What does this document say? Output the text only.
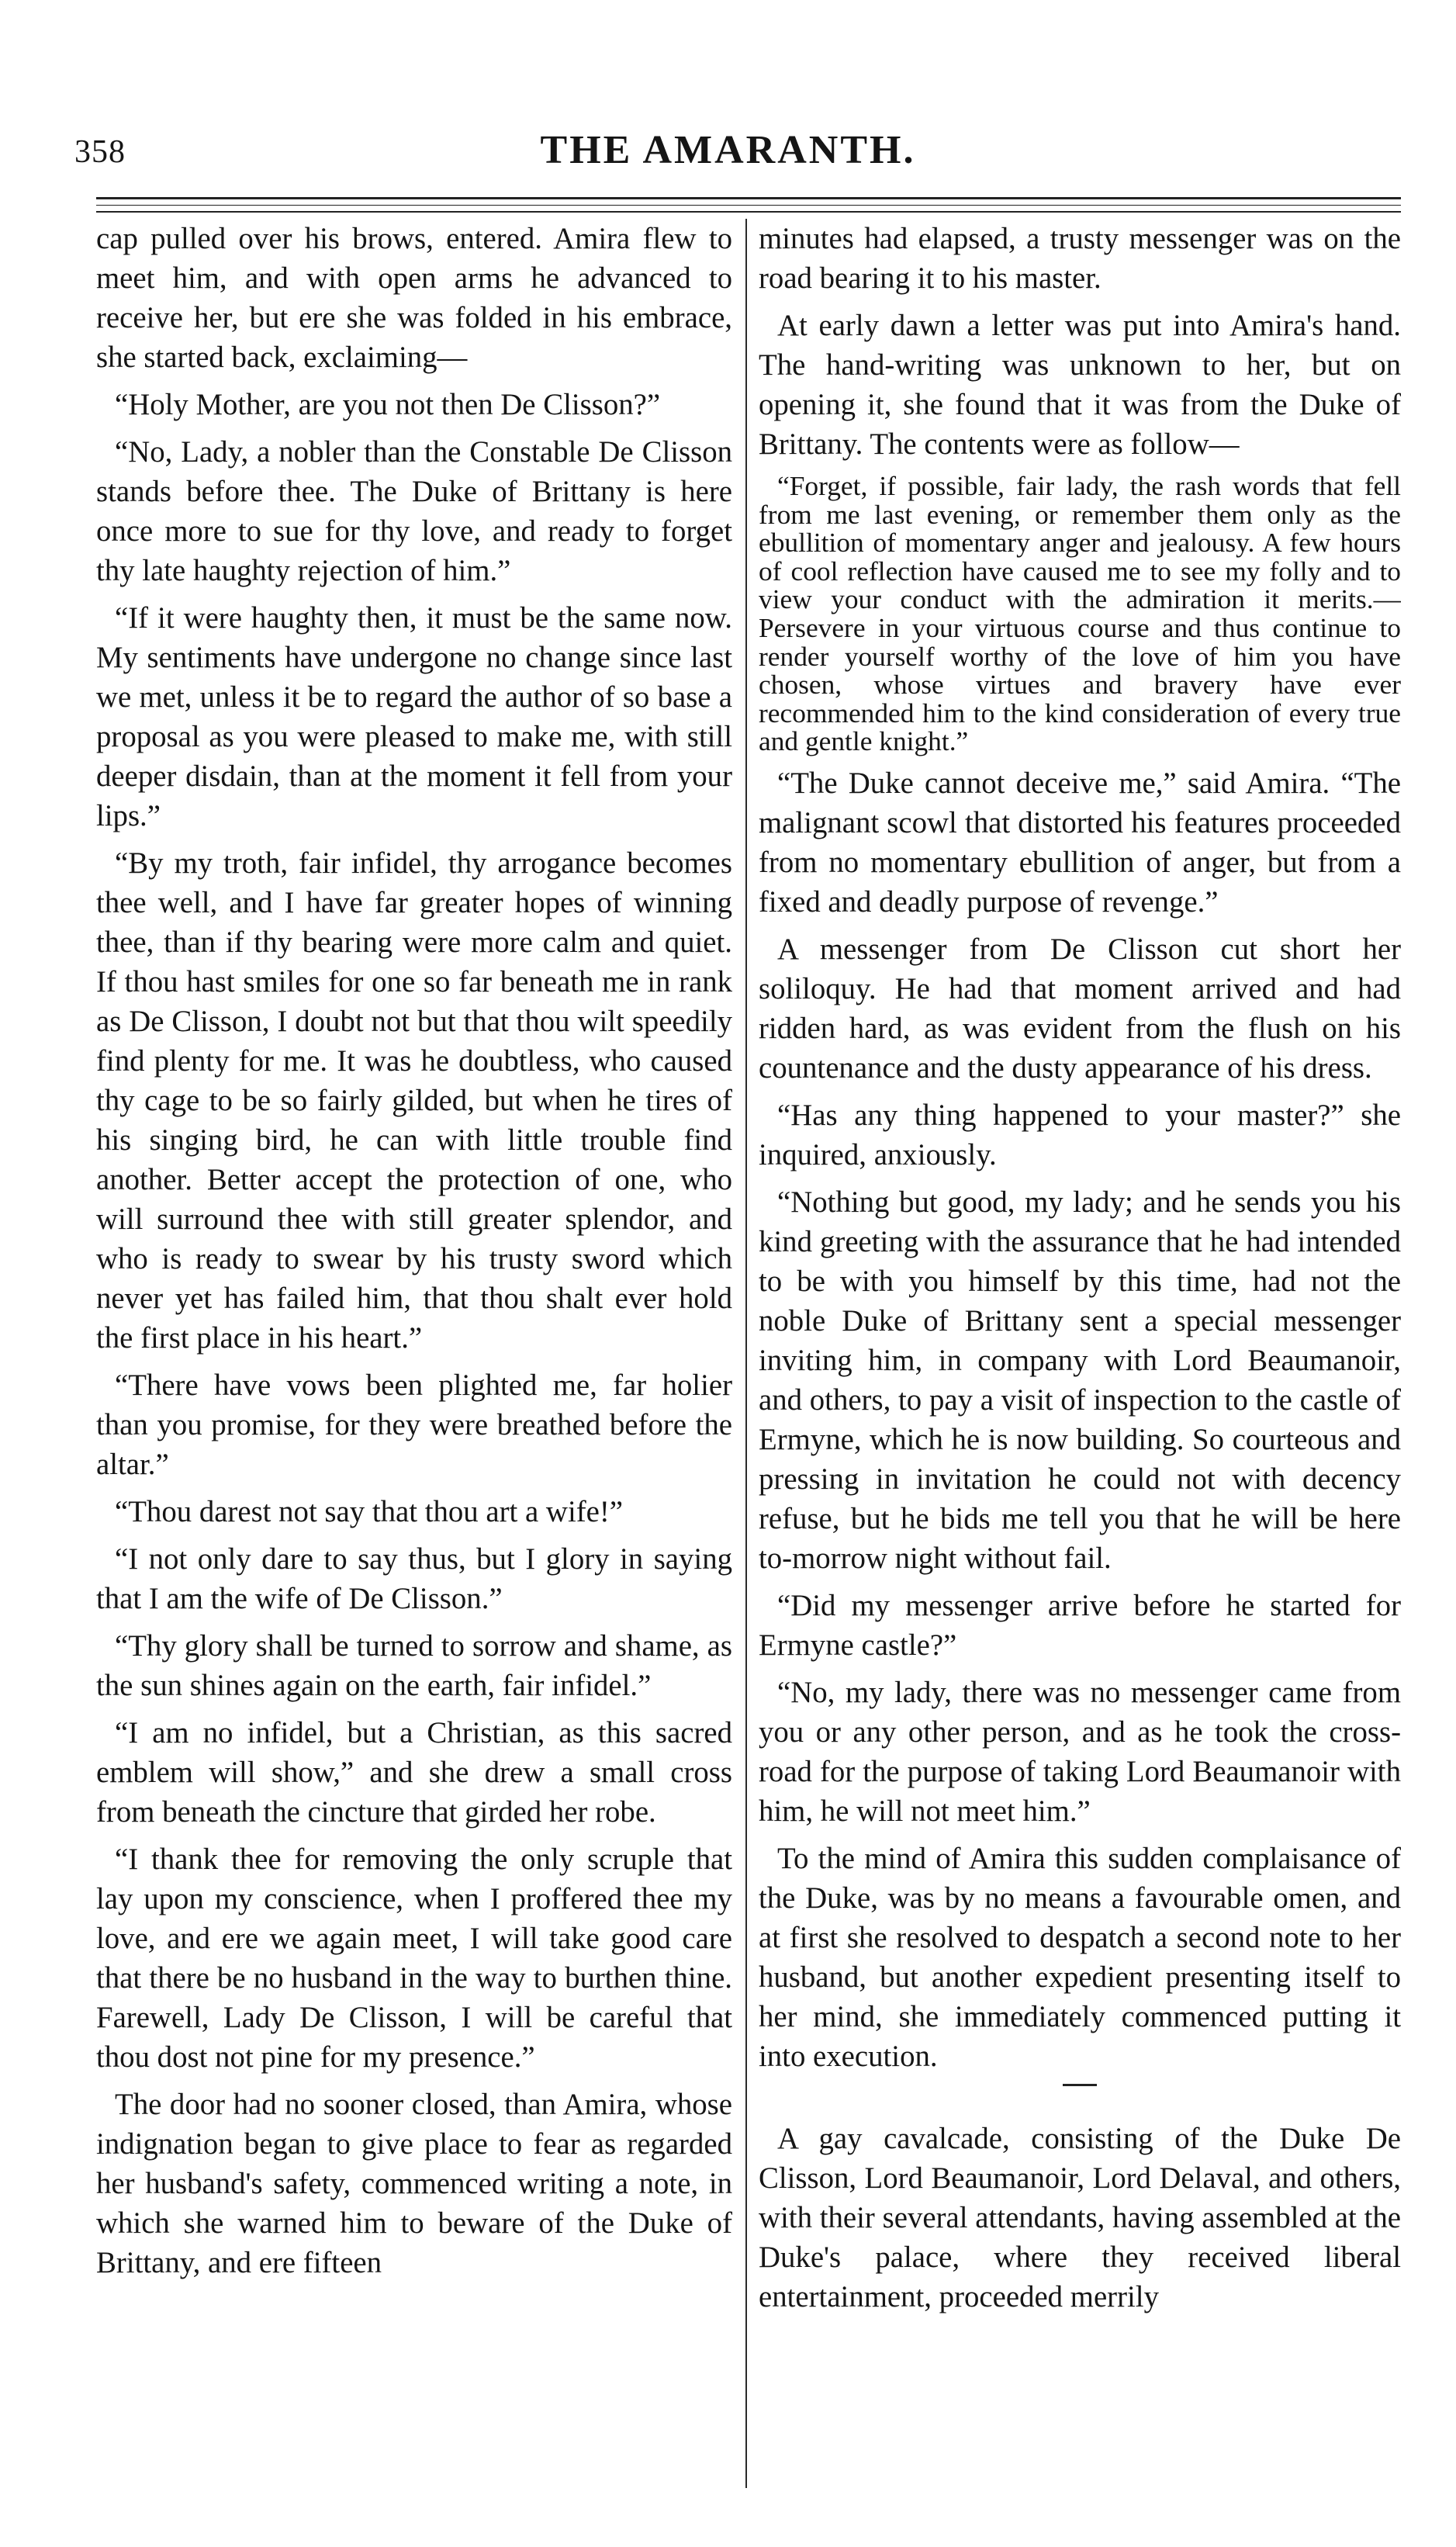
358	THE AMARANTH.

cap pulled over his brows, entered. Amira flew to meet him, and with open arms he advanced to receive her, but ere she was folded in his embrace, she started back, exclaiming—

“Holy Mother, are you not then De Clisson?”

“No, Lady, a nobler than the Constable De Clisson stands before thee. The Duke of Brittany is here once more to sue for thy love, and ready to forget thy late haughty rejection of him.”

“If it were haughty then, it must be the same now. My sentiments have undergone no change since last we met, unless it be to regard the author of so base a proposal as you were pleased to make me, with still deeper disdain, than at the moment it fell from your lips.”

“By my troth, fair infidel, thy arrogance becomes thee well, and I have far greater hopes of winning thee, than if thy bearing were more calm and quiet. If thou hast smiles for one so far beneath me in rank as De Clisson, I doubt not but that thou wilt speedily find plenty for me. It was he doubtless, who caused thy cage to be so fairly gilded, but when he tires of his singing bird, he can with little trouble find another. Better accept the protection of one, who will surround thee with still greater splendor, and who is ready to swear by his trusty sword which never yet has failed him, that thou shalt ever hold the first place in his heart.”

“There have vows been plighted me, far holier than you promise, for they were breathed before the altar.”

“Thou darest not say that thou art a wife!”

“I not only dare to say thus, but I glory in saying that I am the wife of De Clisson.”

“Thy glory shall be turned to sorrow and shame, as the sun shines again on the earth, fair infidel.”

“I am no infidel, but a Christian, as this sacred emblem will show,” and she drew a small cross from beneath the cincture that girded her robe.

“I thank thee for removing the only scruple that lay upon my conscience, when I proffered thee my love, and ere we again meet, I will take good care that there be no husband in the way to burthen thine. Farewell, Lady De Clisson, I will be careful that thou dost not pine for my presence.”

The door had no sooner closed, than Amira, whose indignation began to give place to fear as regarded her husband's safety, commenced writing a note, in which she warned him to beware of the Duke of Brittany, and ere fifteen

minutes had elapsed, a trusty messenger was on the road bearing it to his master.

At early dawn a letter was put into Amira's hand. The hand-writing was unknown to her, but on opening it, she found that it was from the Duke of Brittany. The contents were as follow—

“Forget, if possible, fair lady, the rash words that fell from me last evening, or remember them only as the ebullition of momentary anger and jealousy. A few hours of cool reflection have caused me to see my folly and to view your conduct with the admiration it merits.—Persevere in your virtuous course and thus continue to render yourself worthy of the love of him you have chosen, whose virtues and bravery have ever recommended him to the kind consideration of every true and gentle knight.”

“The Duke cannot deceive me,” said Amira. “The malignant scowl that distorted his features proceeded from no momentary ebullition of anger, but from a fixed and deadly purpose of revenge.”

A messenger from De Clisson cut short her soliloquy. He had that moment arrived and had ridden hard, as was evident from the flush on his countenance and the dusty appearance of his dress.

“Has any thing happened to your master?” she inquired, anxiously.

“Nothing but good, my lady; and he sends you his kind greeting with the assurance that he had intended to be with you himself by this time, had not the noble Duke of Brittany sent a special messenger inviting him, in company with Lord Beaumanoir, and others, to pay a visit of inspection to the castle of Ermyne, which he is now building. So courteous and pressing in invitation he could not with decency refuse, but he bids me tell you that he will be here to-morrow night without fail.

“Did my messenger arrive before he started for Ermyne castle?”

“No, my lady, there was no messenger came from you or any other person, and as he took the cross-road for the purpose of taking Lord Beaumanoir with him, he will not meet him.”

To the mind of Amira this sudden complaisance of the Duke, was by no means a favourable omen, and at first she resolved to despatch a second note to her husband, but another expedient presenting itself to her mind, she immediately commenced putting it into execution.

A gay cavalcade, consisting of the Duke De Clisson, Lord Beaumanoir, Lord Delaval, and others, with their several attendants, having assembled at the Duke's palace, where they received liberal entertainment, proceeded merrily
